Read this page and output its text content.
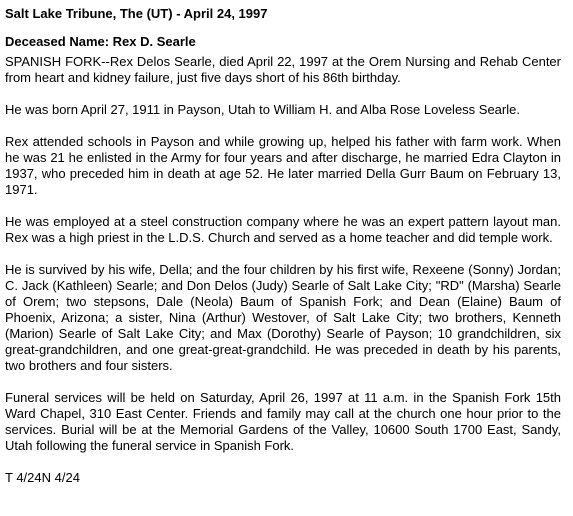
Salt Lake Tribune, The (UT) - April 24, 1997
Deceased Name: Rex D. Searle

SPANISH FORK--Rex Delos Searle, died April 22, 1997 at the Orem Nursing and Rehab Center from heart and kidney failure, just five days short of his 86th birthday.

He was born April 27, 1911 in Payson, Utah to William H. and Alba Rose Loveless Searle.

Rex attended schools in Payson and while growing up, helped his father with farm work. When he was 21 he enlisted in the Army for four years and after discharge, he married Edra Clayton in 1937, who preceded him in death at age 52. He later married Della Gurr Baum on February 13, 1971.

He was employed at a steel construction company where he was an expert pattern layout man. Rex was a high priest in the L.D.S. Church and served as a home teacher and did temple work.

He is survived by his wife, Della; and the four children by his first wife, Rexeene (Sonny) Jordan; C. Jack (Kathleen) Searle; and Don Delos (Judy) Searle of Salt Lake City; "RD" (Marsha) Searle of Orem; two stepsons, Dale (Neola) Baum of Spanish Fork; and Dean (Elaine) Baum of Phoenix, Arizona; a sister, Nina (Arthur) Westover, of Salt Lake City; two brothers, Kenneth (Marion) Searle of Salt Lake City; and Max (Dorothy) Searle of Payson; 10 grandchildren, six great-grandchildren, and one great-great-grandchild. He was preceded in death by his parents, two brothers and four sisters.

Funeral services will be held on Saturday, April 26, 1997 at 11 a.m. in the Spanish Fork 15th Ward Chapel, 310 East Center. Friends and family may call at the church one hour prior to the services. Burial will be at the Memorial Gardens of the Valley, 10600 South 1700 East, Sandy, Utah following the funeral service in Spanish Fork.

T 4/24N 4/24
